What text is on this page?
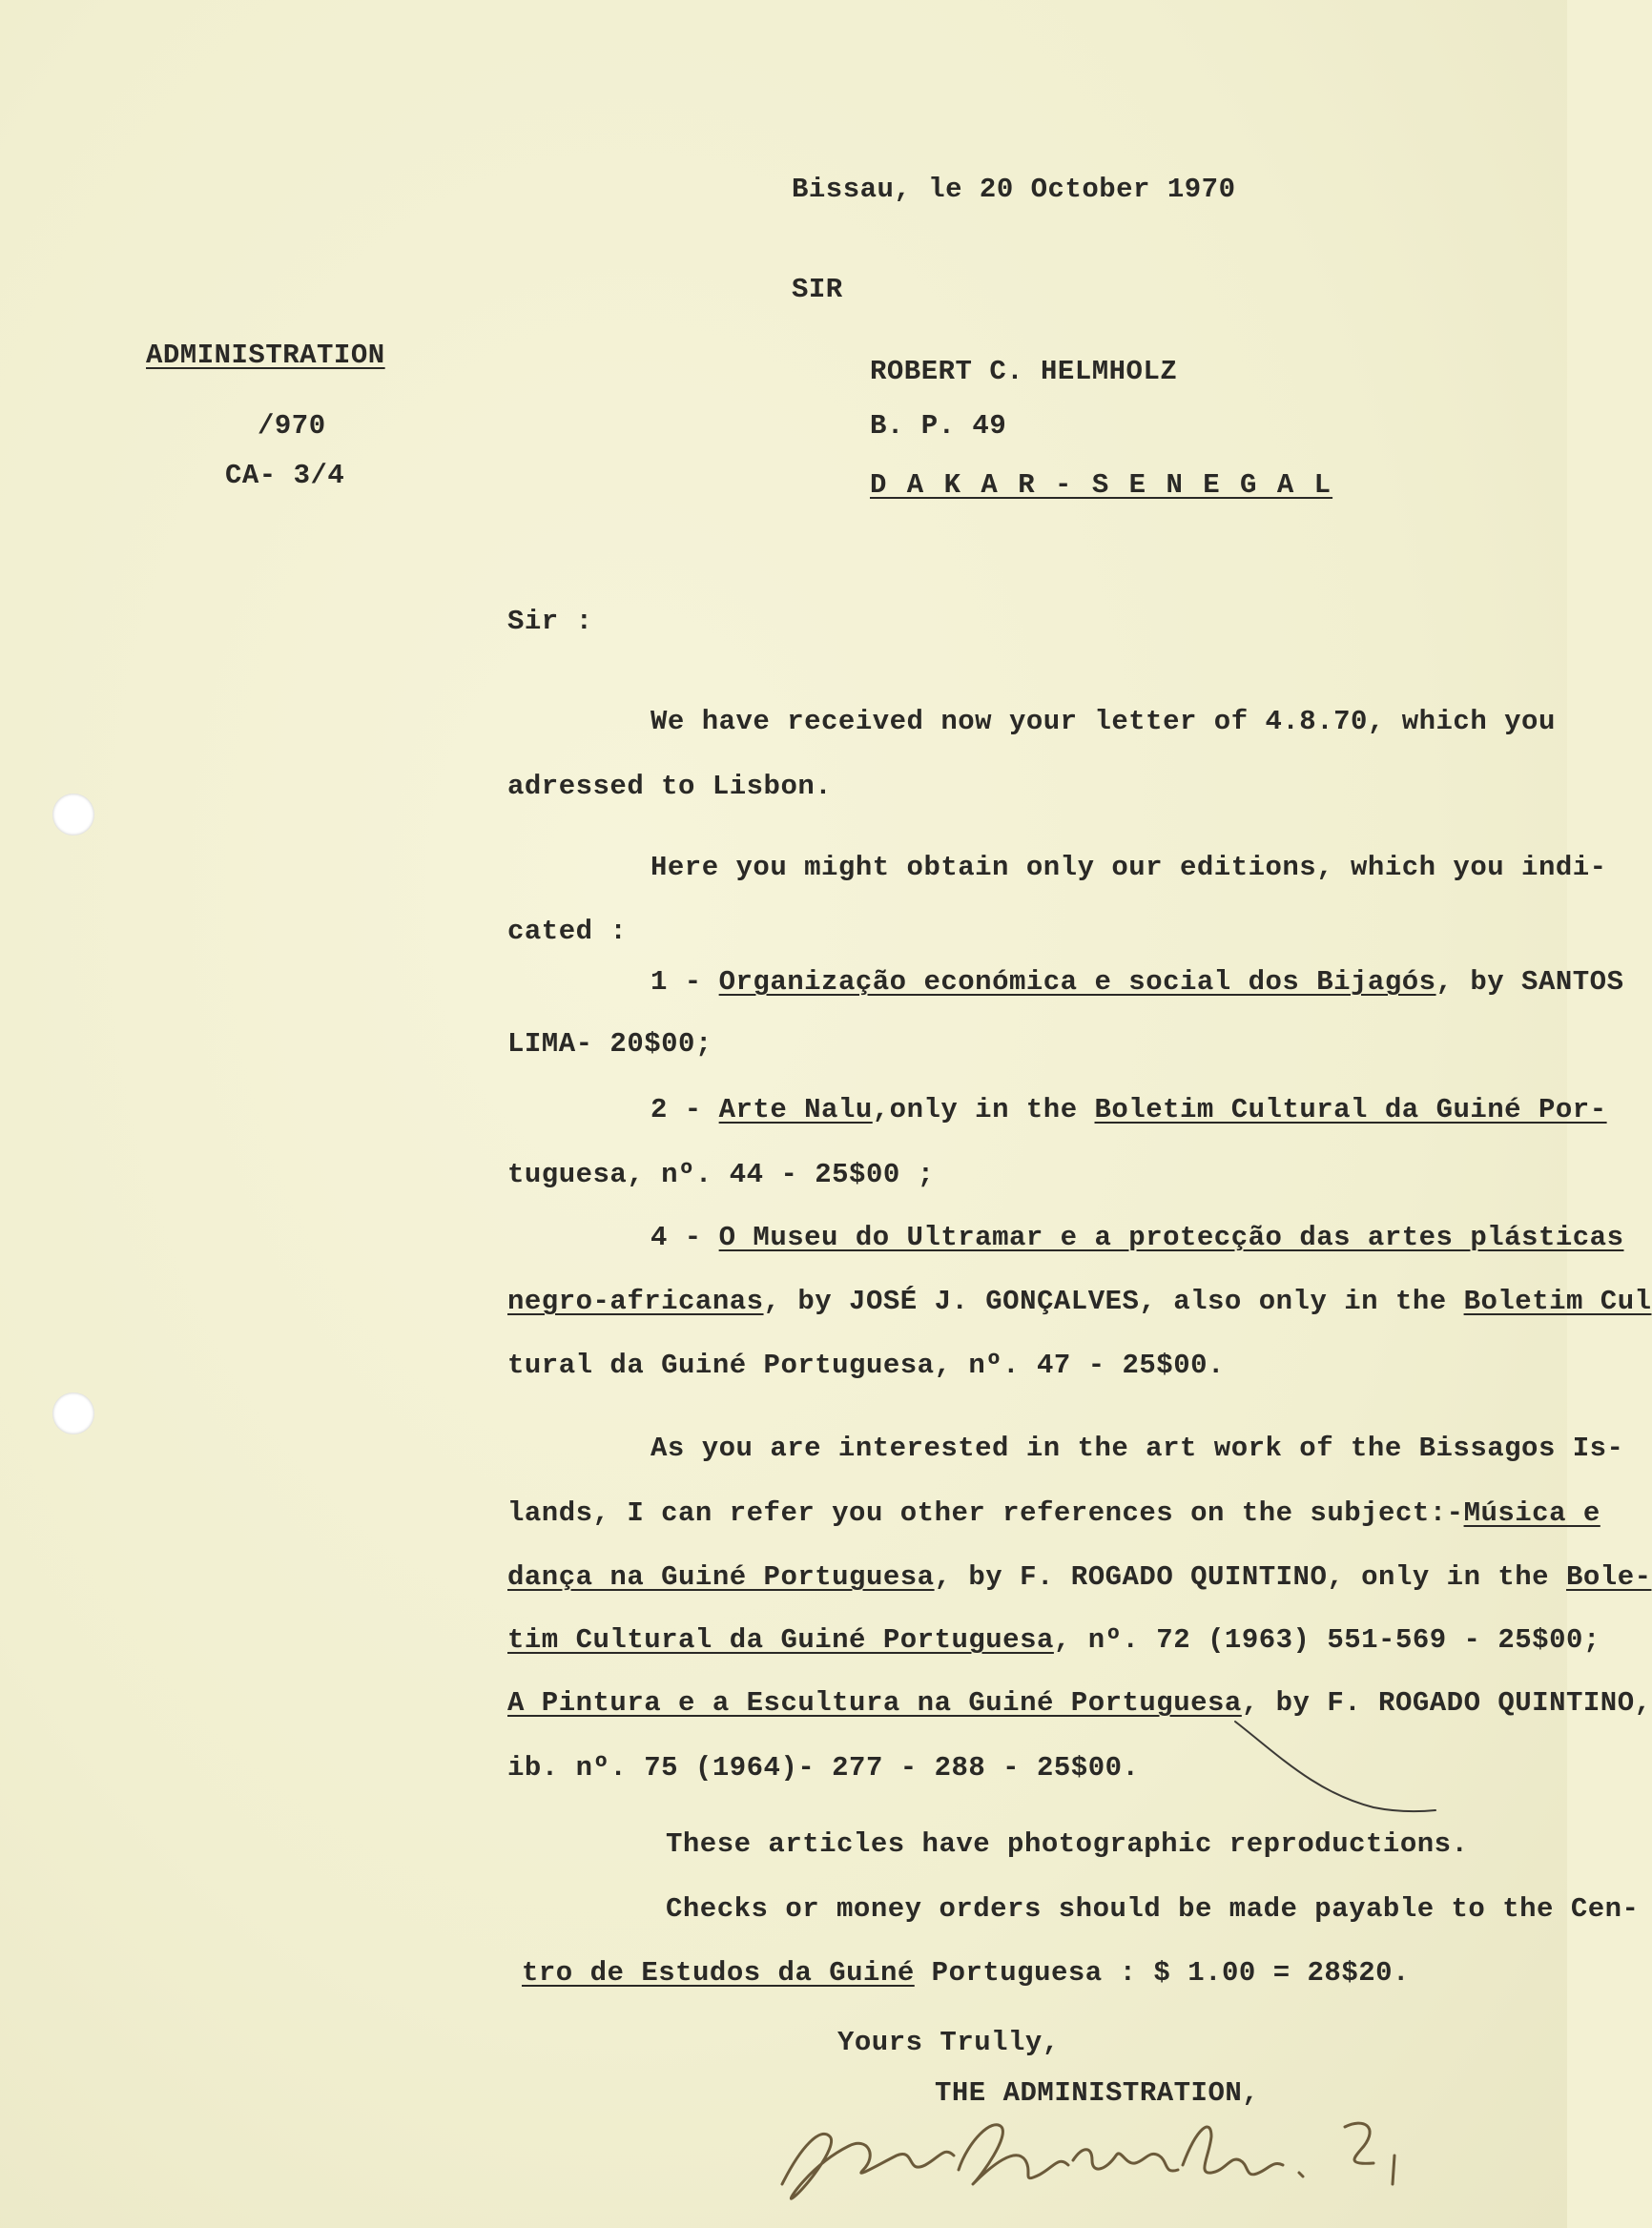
Bissau, le 20 October 1970
SIR
ADMINISTRATION
/970
CA- 3/4
ROBERT C. HELMHOLZ
B. P. 49
D A K A R - S E N E G A L
Sir :
We have received now your letter of 4.8.70, which you
adressed to Lisbon.
Here you might obtain only our editions, which you indi-
cated :
1 - Organização económica e social dos Bijagós, by SANTOS
LIMA- 20$00;
2 - Arte Nalu,only in the Boletim Cultural da Guiné Por-
tuguesa, nº. 44 - 25$00 ;
4 - O Museu do Ultramar e a protecção das artes plásticas
negro-africanas, by JOSÉ J. GONÇALVES, also only in the Boletim Cul
tural da Guiné Portuguesa, nº. 47 - 25$00.
As you are interested in the art work of the Bissagos Is-
lands, I can refer you other references on the subject:-Música e
dança na Guiné Portuguesa, by F. ROGADO QUINTINO, only in the Bole-
tim Cultural da Guiné Portuguesa, nº. 72 (1963) 551-569 - 25$00;
A Pintura e a Escultura na Guiné Portuguesa, by F. ROGADO QUINTINO,
ib. nº. 75 (1964)- 277 - 288 - 25$00.
These articles have photographic reproductions.
Checks or money orders should be made payable to the Cen-
tro de Estudos da Guiné Portuguesa : $ 1.00 = 28$20.
Yours Trully,
THE ADMINISTRATION,
